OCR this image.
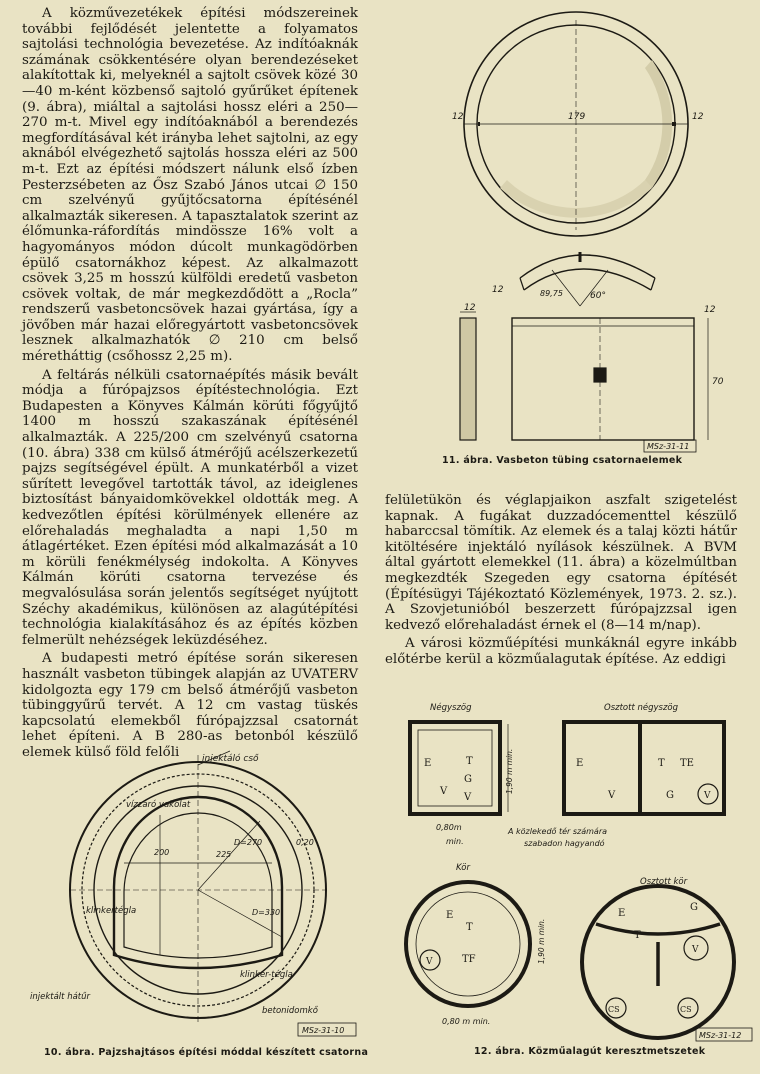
A közművezetékek építési módszereinek további fejlődését jelentette a folyamatos sajtolási technológia bevezetése. Az indítóaknák számának csökkentésére olyan berendezéseket alakítottak ki, melyeknél a sajtolt csövek közé 30—40 m-ként közbenső sajtoló gyűrűket építenek (9. ábra), miáltal a sajtolási hossz eléri a 250—270 m-t. Mivel egy indítóaknából a berendezés megfordításával két irányba lehet sajtolni, az egy aknából elvégezhető sajtolás hossza eléri az 500 m-t. Ezt az építési módszert nálunk első ízben Pesterzsébeten az Ősz Szabó János utcai ∅ 150 cm szelvényű gyűjtőcsatorna építésénél alkalmazták sikeresen. A tapasztalatok szerint az élőmunka-ráfordítás mindössze 16% volt a hagyományos módon dúcolt munkagödörben épülő csatornákhoz képest. Az alkalmazott csövek 3,25 m hosszú külföldi eredetű vasbeton csövek voltak, de már megkezdődött a „Rocla” rendszerű vasbetoncsövek hazai gyártása, így a jövőben már hazai előregyártott vasbetoncsövek lesznek alkalmazhatók ∅ 210 cm belső méretháttig (csőhossz 2,25 m).

A feltárás nélküli csatornaépítés másik bevált módja a fúrópajzsos építéstechnológia. Ezt Budapesten a Könyves Kálmán körúti főgyűjtő 1400 m hosszú szakaszának építésénél alkalmazták. A 225/200 cm szelvényű csatorna (10. ábra) 338 cm külső átmérőjű acélszerkezetű pajzs segítségével épült. A munkatérből a vizet sűrített levegővel tartották távol, az ideiglenes biztosítást bányaidomkövekkel oldották meg. A kedvezőtlen építési körülmények ellenére az előrehaladás meghaladta a napi 1,50 m átlagértéket. Ezen építési mód alkalmazását a 10 m körüli fenékmélység indokolta. A Könyves Kálmán körúti csatorna tervezése és megvalósulása során jelentős segítséget nyújtott Széchy akadémikus, különösen az alagútépítési technológia kialakításához és az építés közben felmerült nehézségek leküzdéséhez.

A budapesti metró építése során sikeresen használt vasbeton tübingek alapján az UVATERV kidolgozta egy 179 cm belső átmérőjű vasbeton tübinggyűrű tervét. A 12 cm vastag tüskés kapcsolatú elemekből fúrópajzzsal csatornát lehet építeni. A B 280-as betonból készülő elemek külső föld felőli

felületükön és véglapjaikon aszfalt szigetelést kapnak. A fugákat duzzadócementtel készülő habarccsal tömítik. Az elemek és a talaj közti hátűr kitöltésére injektáló nyílások készülnek. A BVM által gyártott elemekkel (11. ábra) a közelmúltban megkezdték Szegeden egy csatorna építését (Építésügyi Tájékoztató Közlemények, 1973. 2. sz.). A Szovjetunióból beszerzett fúrópajzzsal igen kedvező előrehaladást érnek el (8—14 m/nap).

A városi közműépítési munkáknál egyre inkább előtérbe kerül a közműalagutak építése. Az eddigi

179
12	12
12	89,75	60°
12	12
70
MSz-31-11
11. ábra. Vasbeton tübing csatornaelemek
injektáló cső
vízzáró vakolat
225
200
D=270
D=330
0,20
klinkertégla
klinker-tégla
injektált hátűr
betonidomkő
MSz-31-10
10. ábra. Pajzshajtásos építési móddal készített csatorna
Négyszög
E	T
G
V
V
1,90 m min.
0,80m
min.
Osztott négyszög
E	T TE
V	G	V
A közlekedő tér számára
szabadon hagyandó
Kör
E
T
TF
V	1,90 m min.
0,80 m min.
Osztott kör
E
T
G
V
CS	CS
MSz-31-12
12. ábra. Közműalagút keresztmetszetek
